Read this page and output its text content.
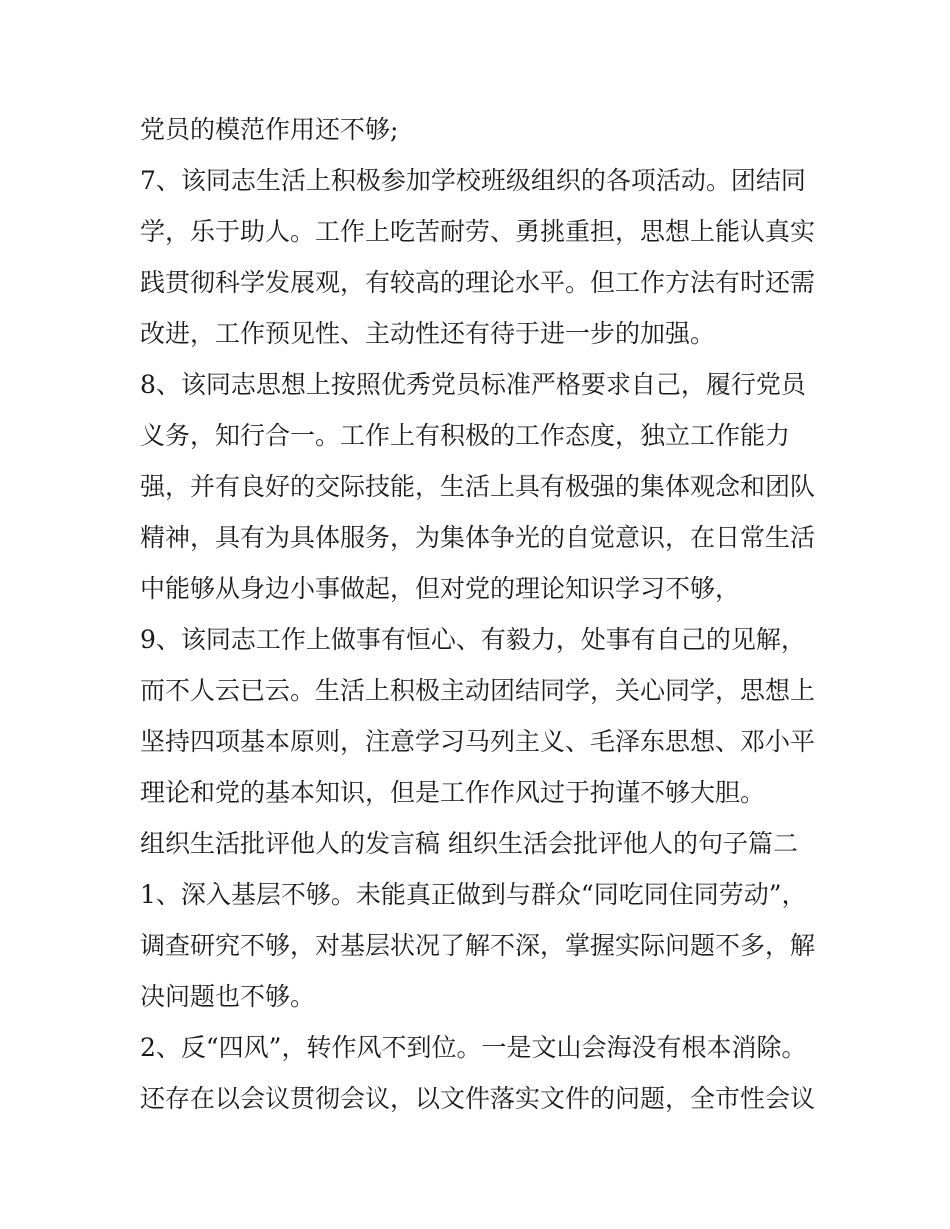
党员的模范作用还不够;
7、该同志生活上积极参加学校班级组织的各项活动。团结同
学，乐于助人。工作上吃苦耐劳、勇挑重担，思想上能认真实
践贯彻科学发展观，有较高的理论水平。但工作方法有时还需
改进，工作预见性、主动性还有待于进一步的加强。
8、该同志思想上按照优秀党员标准严格要求自己，履行党员
义务，知行合一。工作上有积极的工作态度，独立工作能力
强，并有良好的交际技能，生活上具有极强的集体观念和团队
精神，具有为具体服务，为集体争光的自觉意识，在日常生活
中能够从身边小事做起，但对党的理论知识学习不够，
9、该同志工作上做事有恒心、有毅力，处事有自己的见解，
而不人云已云。生活上积极主动团结同学，关心同学，思想上
坚持四项基本原则，注意学习马列主义、毛泽东思想、邓小平
理论和党的基本知识，但是工作作风过于拘谨不够大胆。
组织生活批评他人的发言稿 组织生活会批评他人的句子篇二
1、深入基层不够。未能真正做到与群众“同吃同住同劳动”，
调查研究不够，对基层状况了解不深，掌握实际问题不多，解
决问题也不够。
2、反“四风”，转作风不到位。一是文山会海没有根本消除。
还存在以会议贯彻会议，以文件落实文件的问题，全市性会议
